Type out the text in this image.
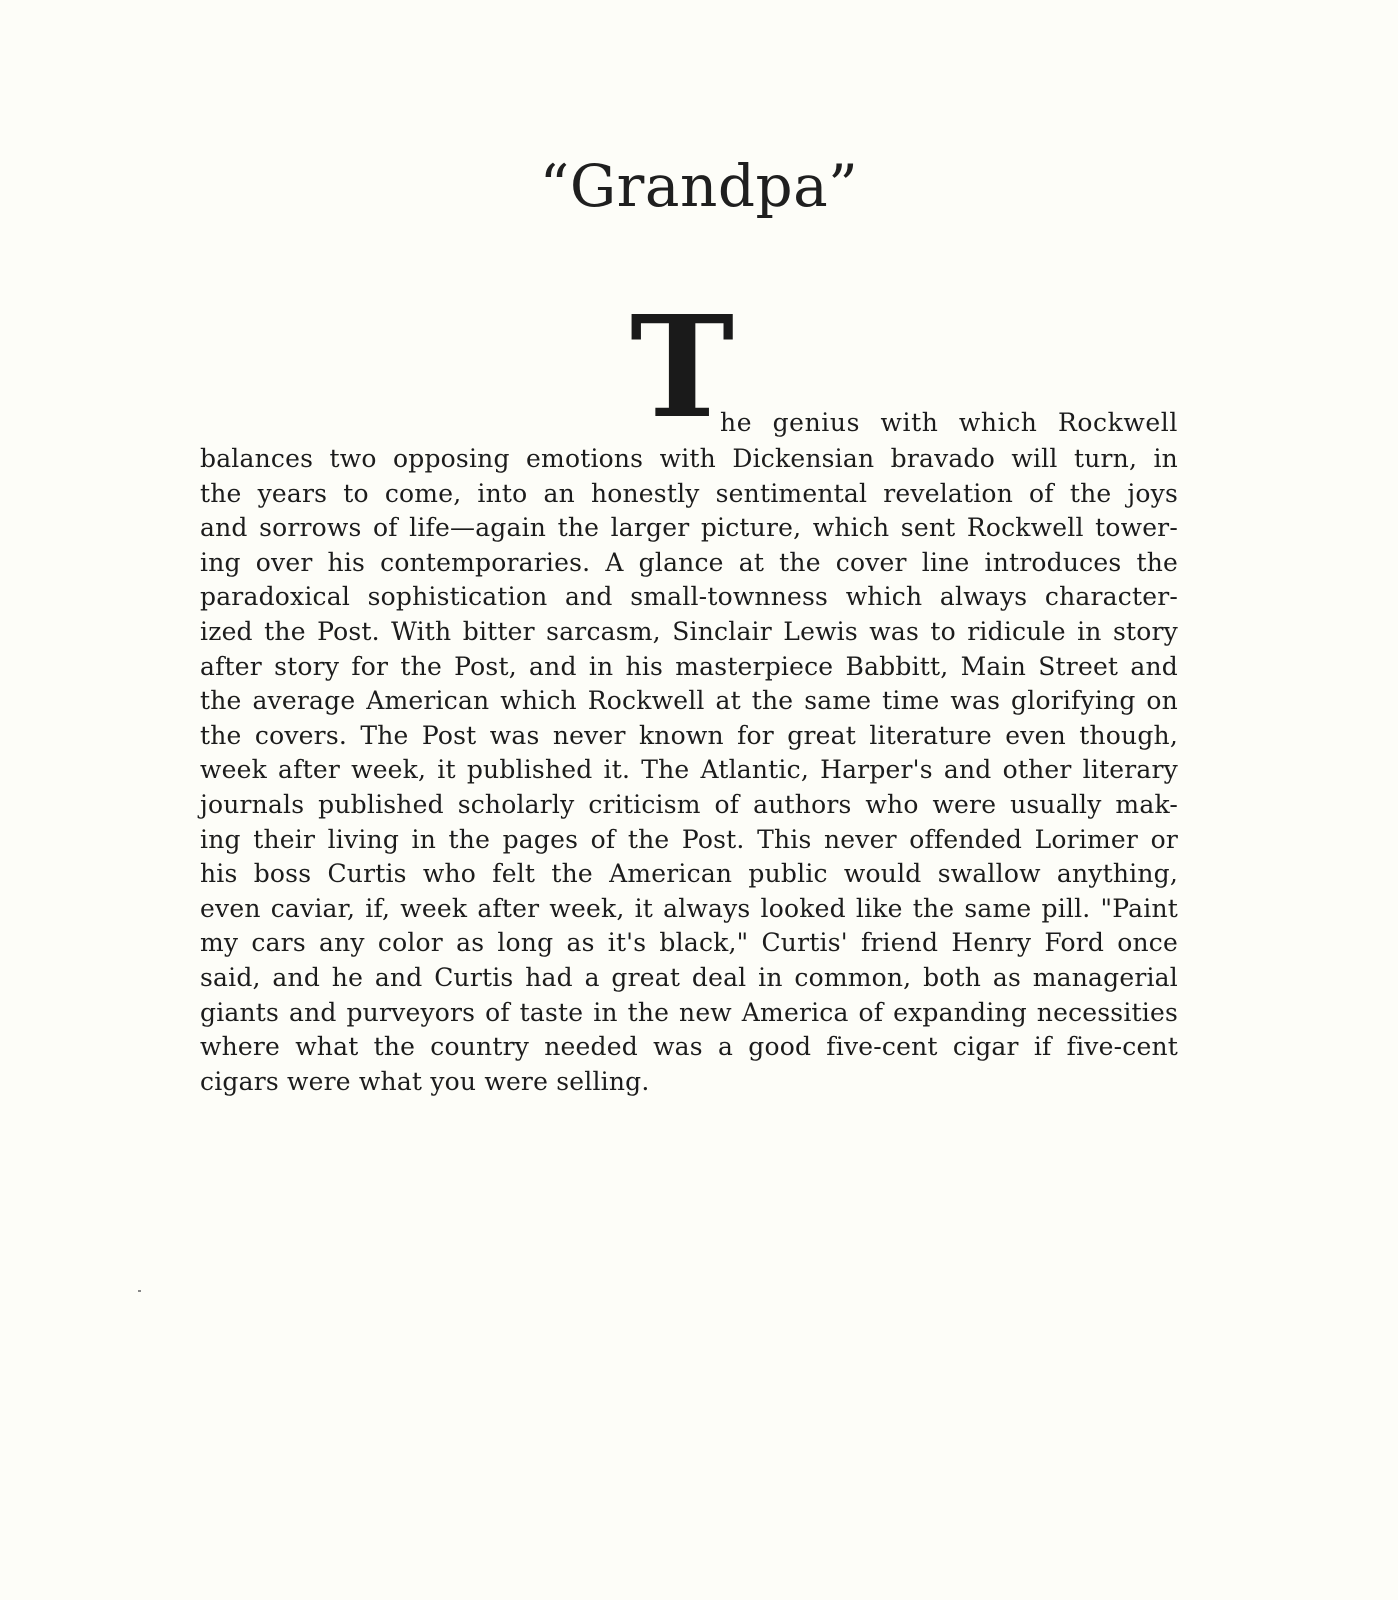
“Grandpa”
T
he genius with which Rockwell
balances two opposing emotions with Dickensian bravado will turn, in
the years to come, into an honestly sentimental revelation of the joys
and sorrows of life—again the larger picture, which sent Rockwell tower-
ing over his contemporaries. A glance at the cover line introduces the
paradoxical sophistication and small-townness which always character-
ized the Post. With bitter sarcasm, Sinclair Lewis was to ridicule in story
after story for the Post, and in his masterpiece Babbitt, Main Street and
the average American which Rockwell at the same time was glorifying on
the covers. The Post was never known for great literature even though,
week after week, it published it. The Atlantic, Harper's and other literary
journals published scholarly criticism of authors who were usually mak-
ing their living in the pages of the Post. This never offended Lorimer or
his boss Curtis who felt the American public would swallow anything,
even caviar, if, week after week, it always looked like the same pill. "Paint
my cars any color as long as it's black," Curtis' friend Henry Ford once
said, and he and Curtis had a great deal in common, both as managerial
giants and purveyors of taste in the new America of expanding necessities
where what the country needed was a good five-cent cigar if five-cent
cigars were what you were selling.
